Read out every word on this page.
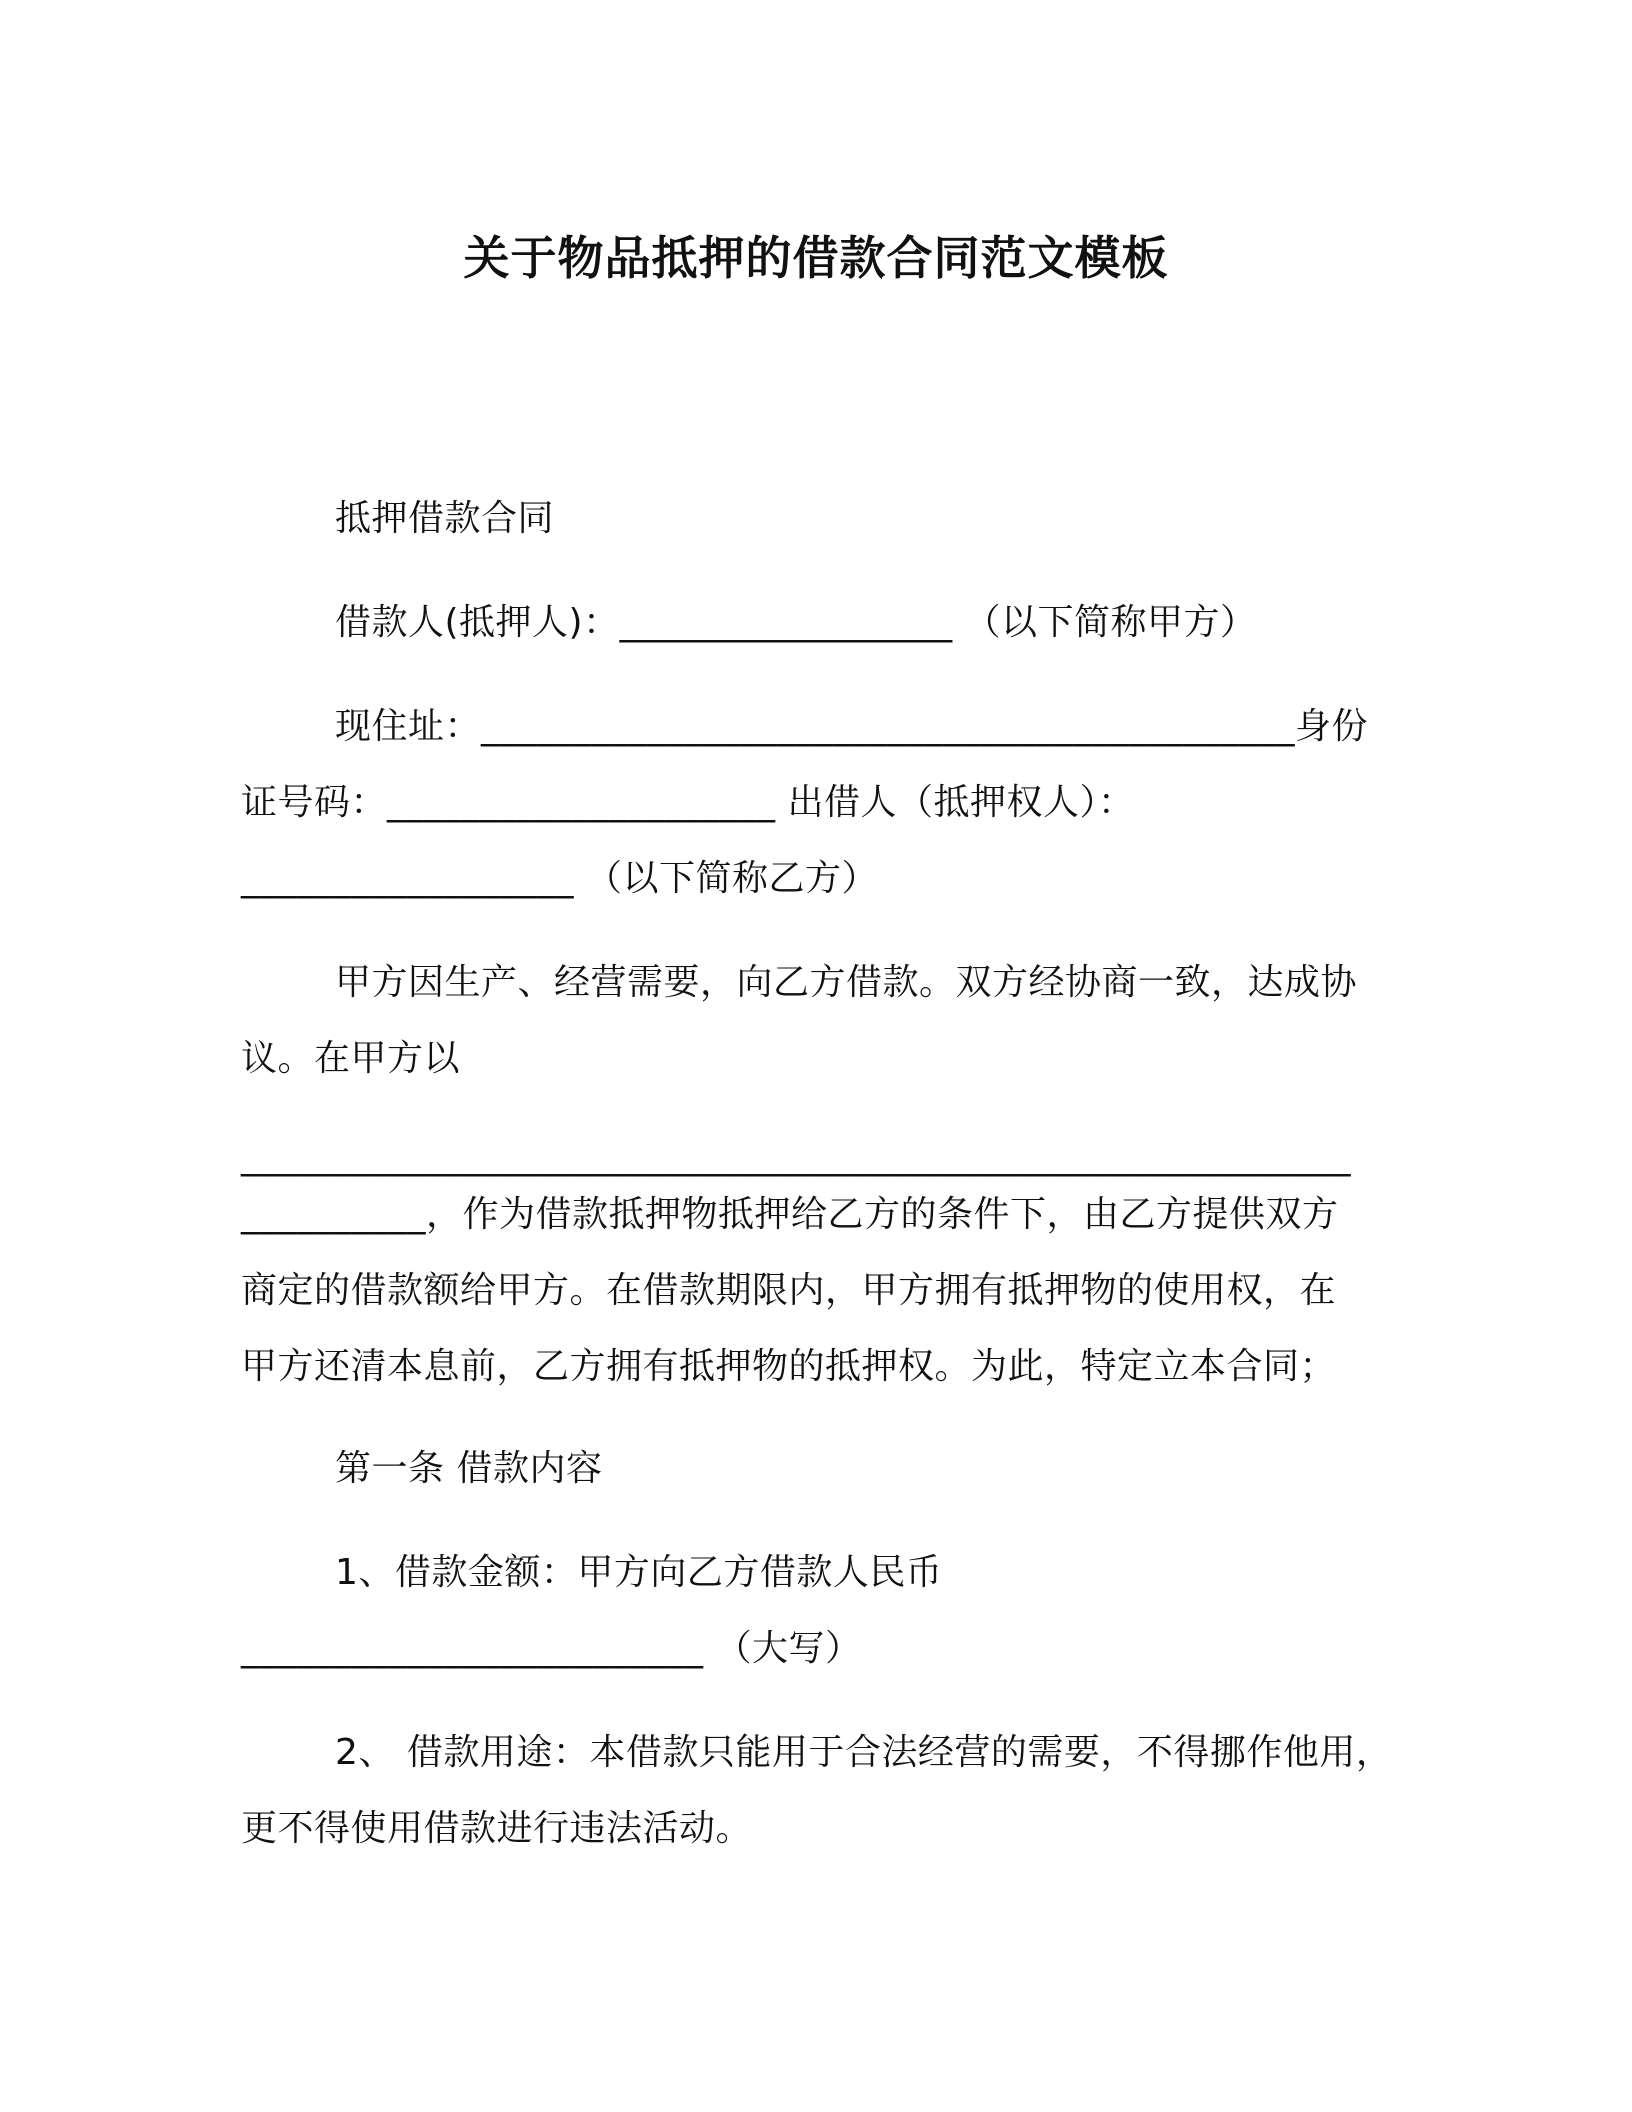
关于物品抵押的借款合同范文模板
抵押借款合同
借款人(抵押人)：__________________ （以下简称甲方）
现住址：____________________________________________身份
证号码：_____________________ 出借人（抵押权人）：
__________________ （以下简称乙方）
甲方因生产、经营需要，向乙方借款。双方经协商一致，达成协
议。在甲方以
____________________________________________________________
__________，作为借款抵押物抵押给乙方的条件下，由乙方提供双方
商定的借款额给甲方。在借款期限内，甲方拥有抵押物的使用权，在
甲方还清本息前，乙方拥有抵押物的抵押权。为此，特定立本合同；
第一条 借款内容
1、借款金额：甲方向乙方借款人民币
_________________________ （大写）
2、 借款用途：本借款只能用于合法经营的需要，不得挪作他用，
更不得使用借款进行违法活动。
